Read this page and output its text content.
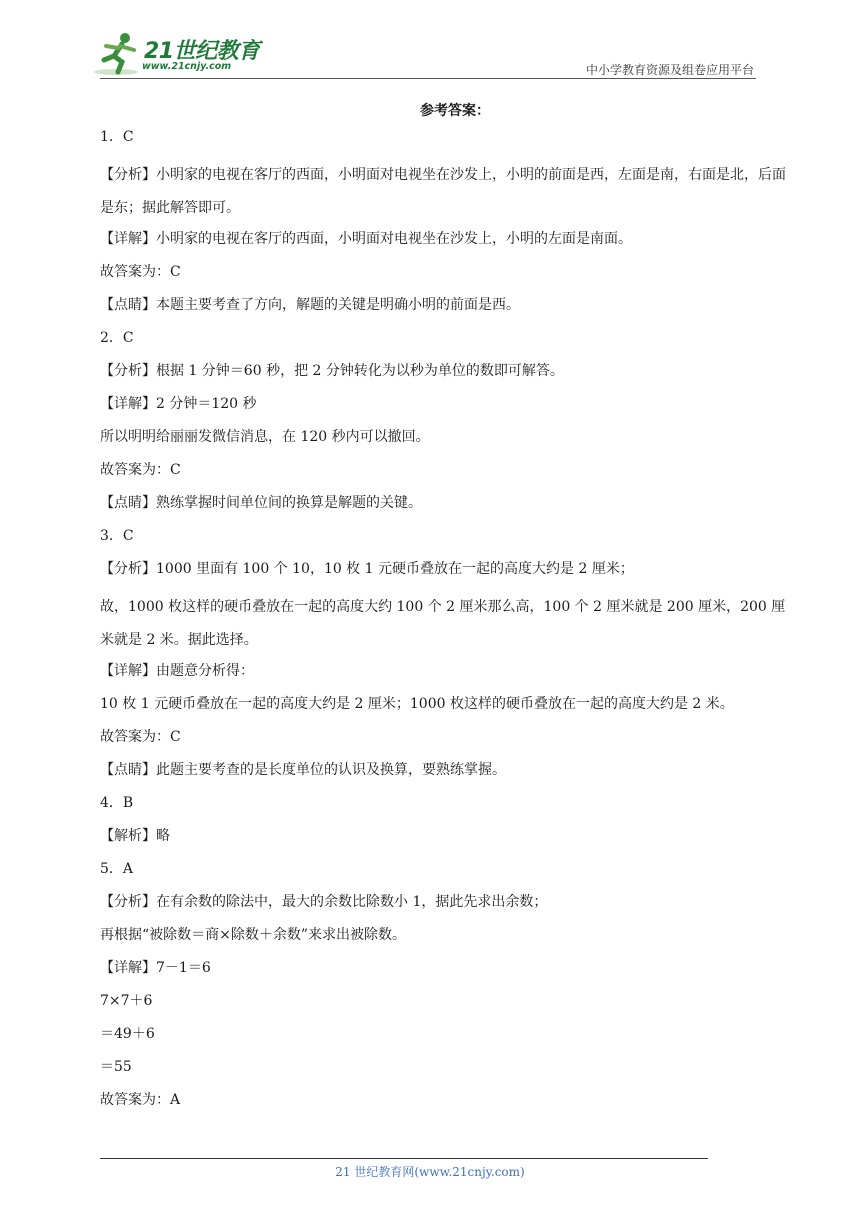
21世纪教育
www.21cnjy.com	中小学教育资源及组卷应用平台

参考答案：

1．C

【分析】小明家的电视在客厅的西面，小明面对电视坐在沙发上，小明的前面是西，左面是南，右面是北，后面是东；据此解答即可。

【详解】小明家的电视在客厅的西面，小明面对电视坐在沙发上，小明的左面是南面。

故答案为：C

【点睛】本题主要考查了方向，解题的关键是明确小明的前面是西。

2．C

【分析】根据 1 分钟＝60 秒，把 2 分钟转化为以秒为单位的数即可解答。

【详解】2 分钟＝120 秒

所以明明给丽丽发微信消息，在 120 秒内可以撤回。

故答案为：C

【点睛】熟练掌握时间单位间的换算是解题的关键。

3．C

【分析】1000 里面有 100 个 10，10 枚 1 元硬币叠放在一起的高度大约是 2 厘米；

故，1000 枚这样的硬币叠放在一起的高度大约 100 个 2 厘米那么高，100 个 2 厘米就是 200 厘米，200 厘米就是 2 米。据此选择。

【详解】由题意分析得：

10 枚 1 元硬币叠放在一起的高度大约是 2 厘米；1000 枚这样的硬币叠放在一起的高度大约是 2 米。

故答案为：C

【点睛】此题主要考查的是长度单位的认识及换算，要熟练掌握。

4．B

【解析】略

5．A

【分析】在有余数的除法中，最大的余数比除数小 1，据此先求出余数；

再根据“被除数＝商×除数＋余数”来求出被除数。

【详解】7－1＝6

7×7＋6

＝49＋6

＝55

故答案为：A

21 世纪教育网(www.21cnjy.com)
